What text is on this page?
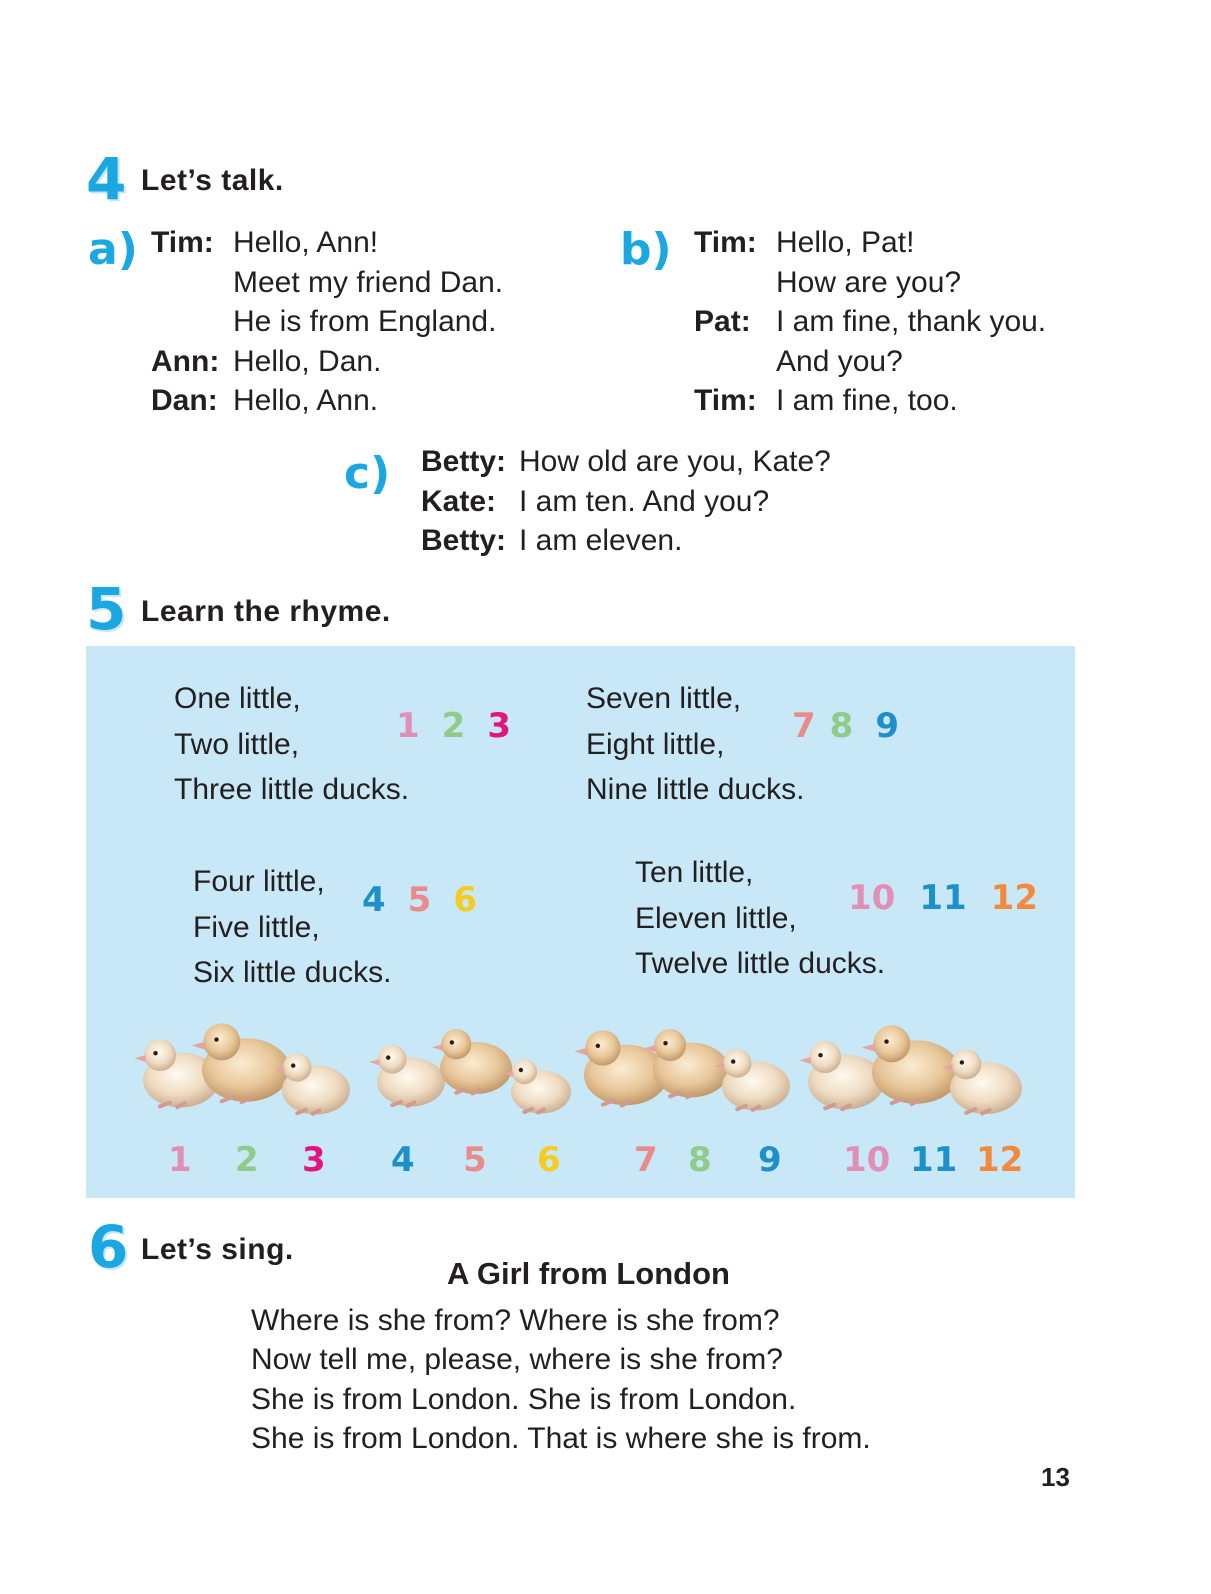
4 Let’s talk.
a) Tim: Hello, Ann!
Meet my friend Dan.
He is from England.
Ann: Hello, Dan.
Dan: Hello, Ann.
b) Tim: Hello, Pat!
How are you?
Pat: I am fine, thank you.
And you?
Tim: I am fine, too.
c) Betty: How old are you, Kate?
Kate: I am ten. And you?
Betty: I am eleven.
5 Learn the rhyme.
One little,
Two little,
Three little ducks.
1 2 3
Seven little,
Eight little,
Nine little ducks.
7 8 9
Four little,
Five little,
Six little ducks.
4 5 6
Ten little,
Eleven little,
Twelve little ducks.
10 11 12
1 2 3 4 5 6 7 8 9 10 11 12
6 Let’s sing.
A Girl from London
Where is she from? Where is she from?
Now tell me, please, where is she from?
She is from London. She is from London.
She is from London. That is where she is from.
13
